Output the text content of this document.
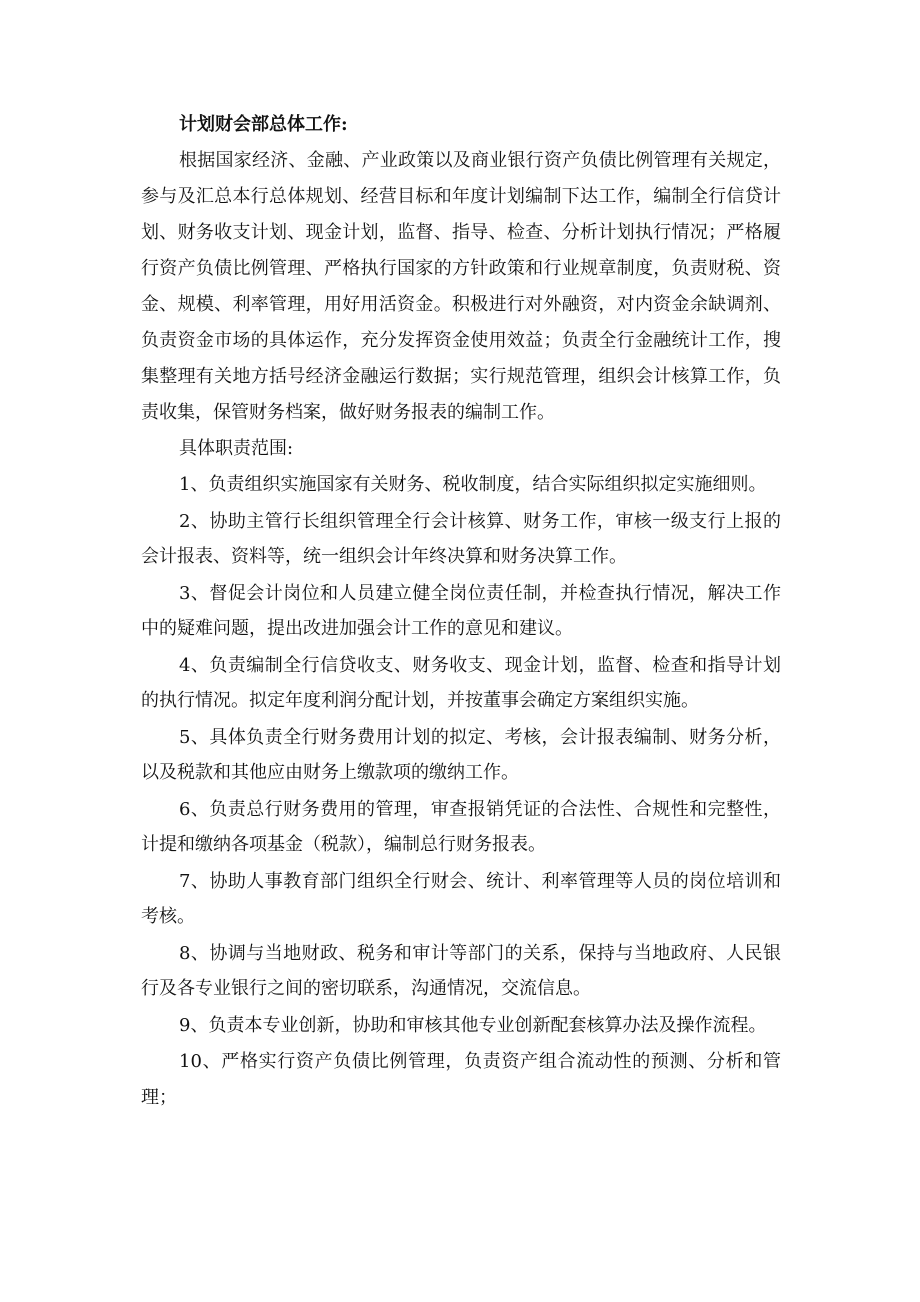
计划财会部总体工作:

根据国家经济、金融、产业政策以及商业银行资产负债比例管理有关规定，参与及汇总本行总体规划、经营目标和年度计划编制下达工作，编制全行信贷计划、财务收支计划、现金计划，监督、指导、检查、分析计划执行情况；严格履行资产负债比例管理、严格执行国家的方针政策和行业规章制度，负责财税、资金、规模、利率管理，用好用活资金。积极进行对外融资，对内资金余缺调剂、负责资金市场的具体运作，充分发挥资金使用效益；负责全行金融统计工作，搜集整理有关地方括号经济金融运行数据；实行规范管理，组织会计核算工作，负责收集，保管财务档案，做好财务报表的编制工作。

具体职责范围:

1、负责组织实施国家有关财务、税收制度，结合实际组织拟定实施细则。

2、协助主管行长组织管理全行会计核算、财务工作，审核一级支行上报的会计报表、资料等，统一组织会计年终决算和财务决算工作。

3、督促会计岗位和人员建立健全岗位责任制，并检查执行情况，解决工作中的疑难问题，提出改进加强会计工作的意见和建议。

4、负责编制全行信贷收支、财务收支、现金计划，监督、检查和指导计划的执行情况。拟定年度利润分配计划，并按董事会确定方案组织实施。

5、具体负责全行财务费用计划的拟定、考核，会计报表编制、财务分析，以及税款和其他应由财务上缴款项的缴纳工作。

6、负责总行财务费用的管理，审查报销凭证的合法性、合规性和完整性，计提和缴纳各项基金（税款），编制总行财务报表。

7、协助人事教育部门组织全行财会、统计、利率管理等人员的岗位培训和考核。

8、协调与当地财政、税务和审计等部门的关系，保持与当地政府、人民银行及各专业银行之间的密切联系，沟通情况，交流信息。

9、负责本专业创新，协助和审核其他专业创新配套核算办法及操作流程。

10、严格实行资产负债比例管理，负责资产组合流动性的预测、分析和管理；
